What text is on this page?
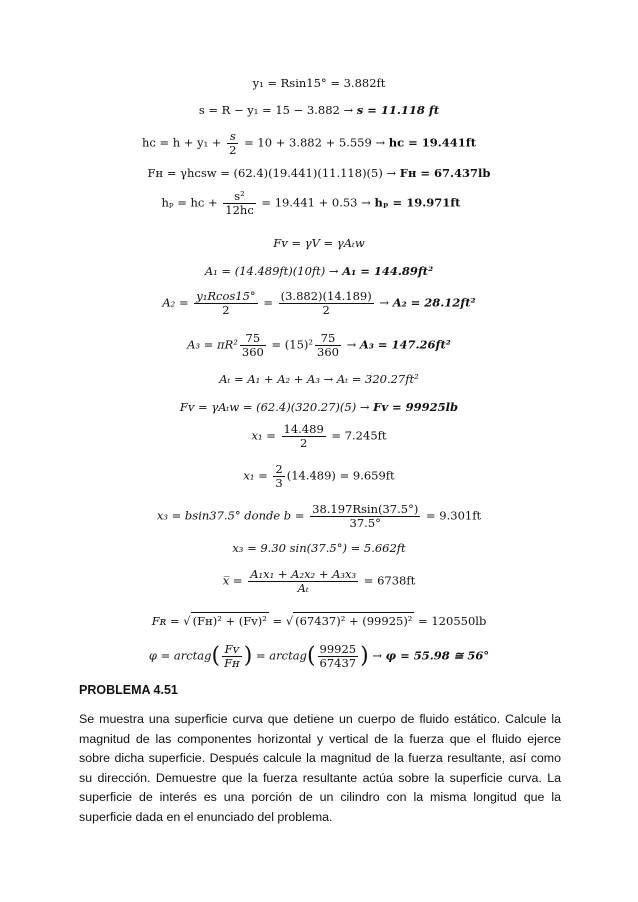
y₁ = Rsin15° = 3.882ft
s = R − y₁ = 15 − 3.882 → s = 11.118 ft
hᴄ = $h + y_1 + \frac{s}{2} = 10 + 3.882 + 5.559$ → hᴄ = 19.441ft
Fʜ = γhᴄsw = (62.4)(19.441)(11.118)(5) → Fʜ = 67.437lb
hₚ = hᴄ + $\frac{\text{s²}}{\text{12hᴄ}} = 19.441 + 0.53 \to h_p = 19.971ft$
Fᴠ = γV = γAₜw
A₁ = (14.489ft)(10ft) → A₁ = 144.89ft²
$A_2 = \frac{\text{y₁Rcos15°}}{2} = \frac{(3.882)(14.189)}{2} \to A_2 = 28.12ft^2$
$A_3 = \pi R^2 \frac{75}{360} = (15)^2 \frac{75}{360} \to A_3 = 147.26ft^2$
Aₜ = A₁ + A₂ + A₃ → Aₜ = 320.27ft²
Fᴠ = γAₜw = (62.4)(320.27)(5) → Fᴠ = 99925lb
$x_1 = \frac{14.489}{2} = 7.245ft$
$x_1 = \frac{2}{3} (14.489) = 9.659ft$
x₃ = bsin37.5° donde $b = \frac{38.197Rsin(37.5^\circ)}{37.5^\circ} = 9.301ft$
x₃ = 9.30 sin(37.5°) = 5.662ft
x̅ = $\frac{\text{A₁x₁ + A₂x₂ + A₃x₃}}{\text{Aₜ}} = 6738ft$
Fʀ = √ (Fʜ)² + (Fᴠ)² = √ (67437)² + (99925)² = 120550lb
φ = arctag( $\frac{\text{Fᴠ}}{\text{Fʜ}}$ ) = arctag( $\frac{99925}{67437}$ ) → φ = 55.98 ≅ 56°
PROBLEMA 4.51
Se muestra una superficie curva que detiene un cuerpo de fluido estático. Calcule la magnitud de las componentes horizontal y vertical de la fuerza que el fluido ejerce sobre dicha superficie. Después calcule la magnitud de la fuerza resultante, así como su dirección. Demuestre que la fuerza resultante actúa sobre la superficie curva. La superficie de interés es una porción de un cilindro con la misma longitud que la superficie dada en el enunciado del problema.
